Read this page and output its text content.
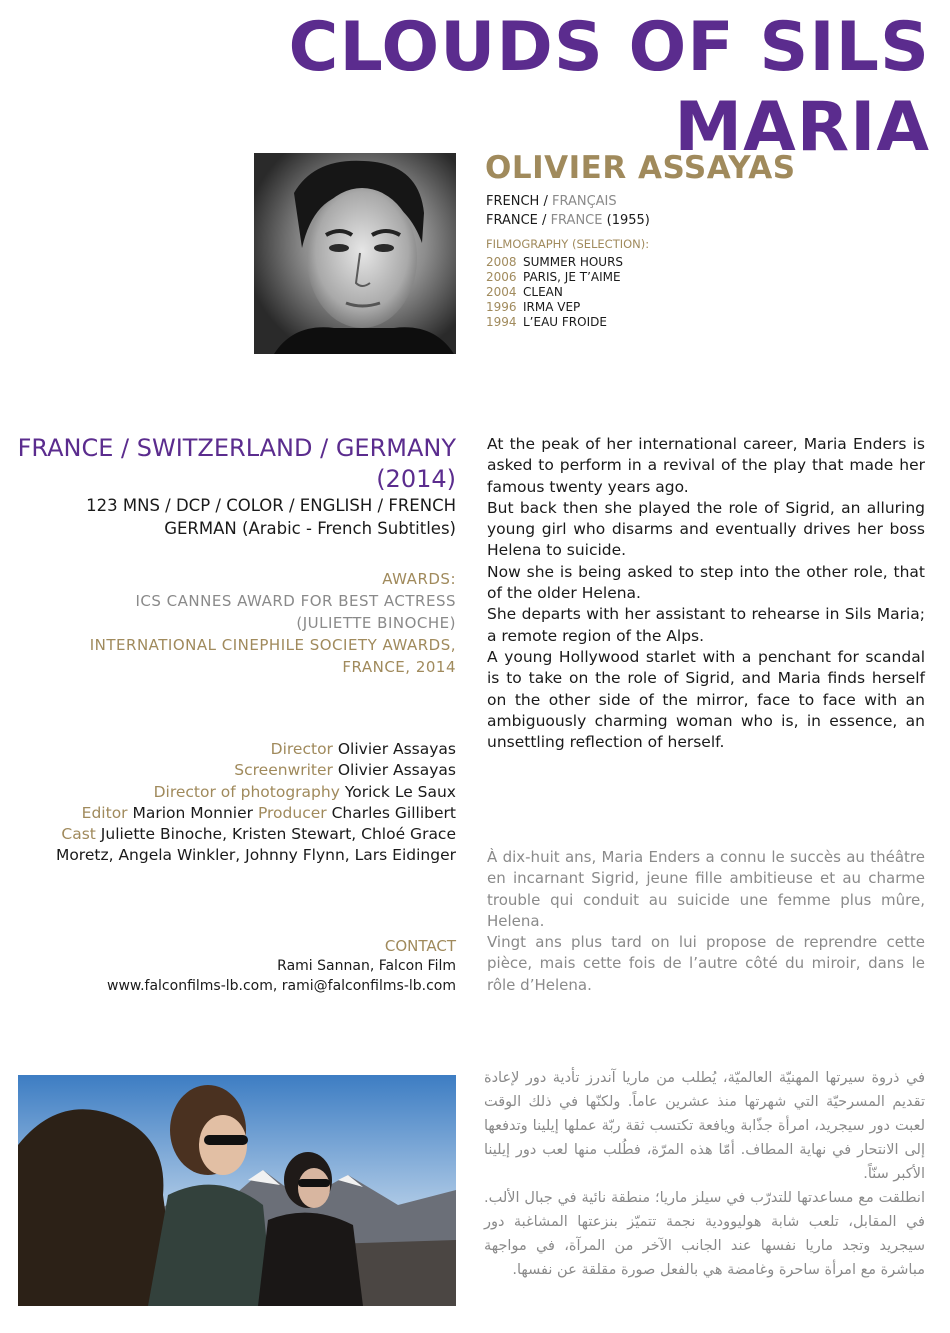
CLOUDS OF SILS MARIA
OLIVIER ASSAYAS
FRENCH / FRANÇAIS
FRANCE / FRANCE (1955)
FILMOGRAPHY (SELECTION):
2008 SUMMER HOURS
2006 PARIS, JE T’AIME
2004 CLEAN
1996 IRMA VEP
1994 L’EAU FROIDE
FRANCE / SWITZERLAND / GERMANY
(2014)
123 MNS / DCP / COLOR / ENGLISH / FRENCH
GERMAN (Arabic - French Subtitles)
AWARDS:
ICS CANNES AWARD FOR BEST ACTRESS
(JULIETTE BINOCHE)
INTERNATIONAL CINEPHILE SOCIETY AWARDS,
FRANCE, 2014
Director Olivier Assayas
Screenwriter Olivier Assayas
Director of photography Yorick Le Saux
Editor Marion Monnier Producer Charles Gillibert
Cast Juliette Binoche, Kristen Stewart, Chloé Grace
Moretz, Angela Winkler, Johnny Flynn, Lars Eidinger
CONTACT
Rami Sannan, Falcon Film
www.falconfilms-lb.com, rami@falconfilms-lb.com

At the peak of her international career, Maria Enders is asked to perform in a revival of the play that made her famous twenty years ago.

But back then she played the role of Sigrid, an alluring young girl who disarms and eventually drives her boss Helena to suicide.

Now she is being asked to step into the other role, that of the older Helena.

She departs with her assistant to rehearse in Sils Maria; a remote region of the Alps.

A young Hollywood starlet with a penchant for scandal is to take on the role of Sigrid, and Maria finds herself on the other side of the mirror, face to face with an ambiguously charming woman who is, in essence, an unsettling reflection of herself.

À dix-huit ans, Maria Enders a connu le succès au théâtre en incarnant Sigrid, jeune fille ambitieuse et au charme trouble qui conduit au suicide une femme plus mûre, Helena.

Vingt ans plus tard on lui propose de reprendre cette pièce, mais cette fois de l’autre côté du miroir, dans le rôle d’Helena.

في ذروة سيرتها المهنيّة العالميّة، يُطلب من ماريا آندرز تأدية دور لإعادة تقديم المسرحيّة التي شهرتها منذ عشرين عاماً. ولكنّها في ذلك الوقت لعبت دور سيجريد، امرأة جذّابة ويافعة تكتسب ثقة ربّة عملها إيلينا وتدفعها إلى الانتحار في نهاية المطاف. أمّا هذه المرّة، فطُلب منها لعب دور إيلينا الأكبر سنّاً.

انطلقت مع مساعدتها للتدرّب في سيلز ماريا؛ منطقة نائية في جبال الألب. في المقابل، تلعب شابة هوليوودية نجمة تتميّز بنزعتها المشاغبة دور سيجريد وتجد ماريا نفسها عند الجانب الآخر من المرآة، في مواجهة مباشرة مع امرأة ساحرة وغامضة هي بالفعل صورة مقلقة عن نفسها.
